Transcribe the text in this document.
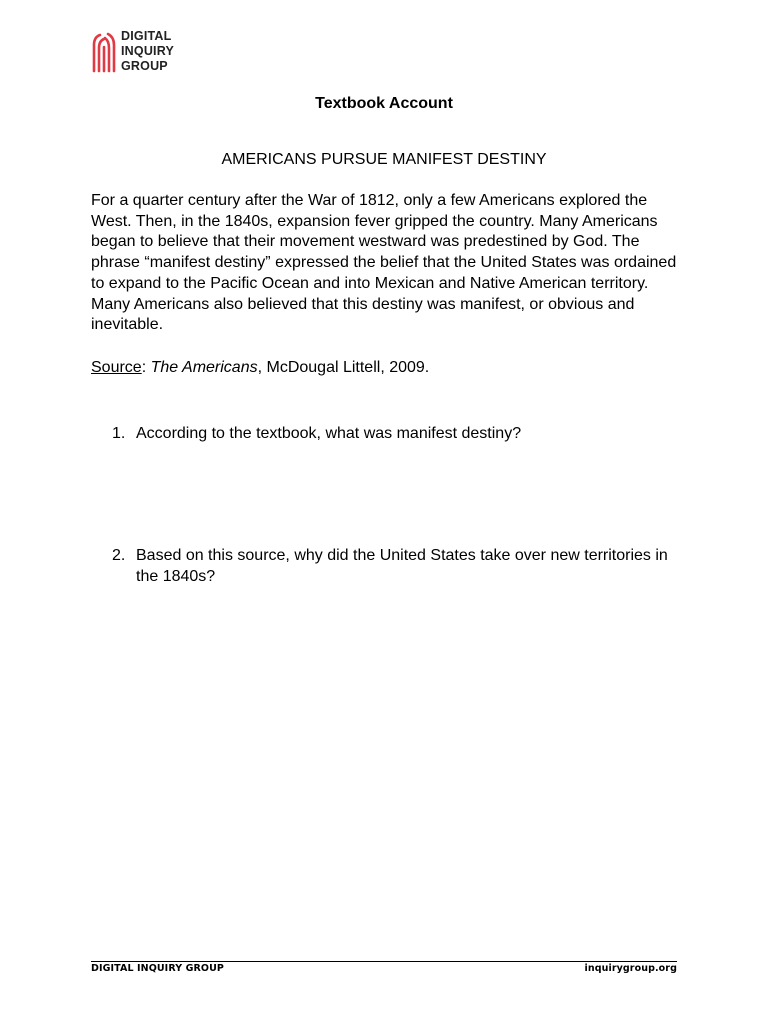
DIGITAL
INQUIRY
GROUP
Textbook Account
AMERICANS PURSUE MANIFEST DESTINY

For a quarter century after the War of 1812, only a few Americans explored the West. Then, in the 1840s, expansion fever gripped the country. Many Americans began to believe that their movement westward was predestined by God. The phrase “manifest destiny” expressed the belief that the United States was ordained to expand to the Pacific Ocean and into Mexican and Native American territory. Many Americans also believed that this destiny was manifest, or obvious and inevitable.

Source: The Americans, McDougal Littell, 2009.
1. According to the textbook, what was manifest destiny?
2. Based on this source, why did the United States take over new territories in the 1840s?
DIGITAL INQUIRY GROUP	inquirygroup.org
